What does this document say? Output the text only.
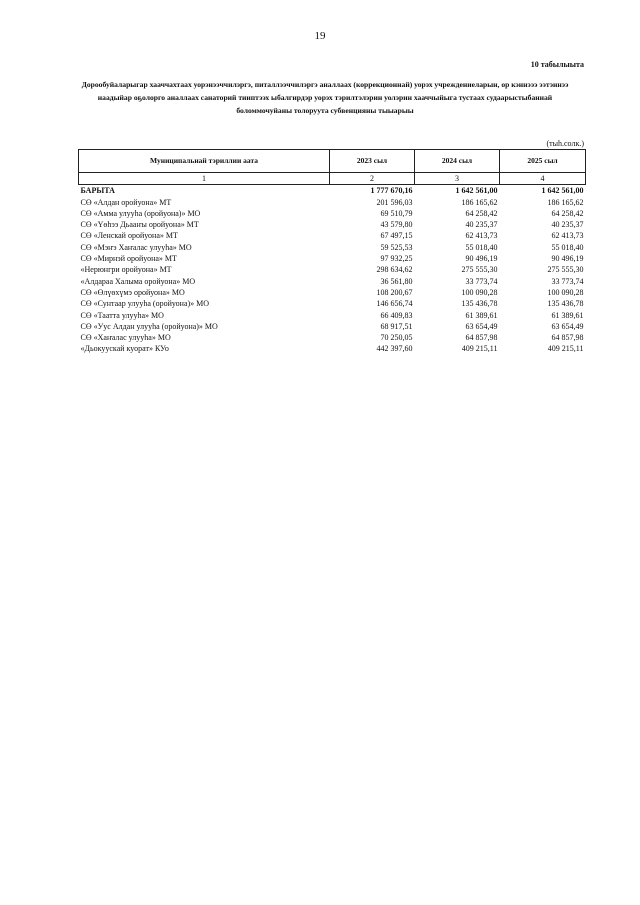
19
10 табылыыта
Дорообуйаларыгар хааччахтаах уорэнээччилэргэ, питаллээччилэргэ аналлаах (коррекционнай) уорэх учреждениеларын, ор кэннэээ ээтэннээ наадыйар оҕолорго аналлаах санаторий тииптээх ыбалгирдэр уорэх тэрилтэлэрин уолэрин хааччыйыга тустаах судаарыстыбаннай боломмочуйаны толоруута субвенцияны тыыарыы
(тыһ.солк.)
Муниципальнай тэриллии аата	2023 сыл	2024 сыл	2025 сыл
1	2	3	4
БАРЫТА	1 777 670,16	1 642 561,00	1 642 561,00
СӨ «Алдан оройуона» МТ	201 596,03	186 165,62	186 165,62
СӨ «Амма улууһа (оройуона)» МО	69 510,79	64 258,42	64 258,42
СӨ «Үөһээ Дьааҥы оройуона» МТ	43 579,80	40 235,37	40 235,37
СӨ «Ленскай оройуона» МТ	67 497,15	62 413,73	62 413,73
СӨ «Мэҥэ Хаҥалас улууһа» МО	59 525,53	55 018,40	55 018,40
СӨ «Мирнэй оройуона» МТ	97 932,25	90 496,19	90 496,19
«Нерюнгри оройуона» МТ	298 634,62	275 555,30	275 555,30
«Алдараа Халыма оройуона» МО	36 561,80	33 773,74	33 773,74
СӨ «Өлүөхүмэ оройуона» МО	108 200,67	100 090,28	100 090,28
СӨ «Сунтаар улууһа (оройуона)» МО	146 656,74	135 436,78	135 436,78
СӨ «Таатта улууһа» МО	66 409,83	61 389,61	61 389,61
СӨ «Уус Алдан улууһа (оройуона)» МО	68 917,51	63 654,49	63 654,49
СӨ «Хаҥалас улууһа» МО	70 250,05	64 857,98	64 857,98
«Дьокуускай куорат» КУо	442 397,60	409 215,11	409 215,11
